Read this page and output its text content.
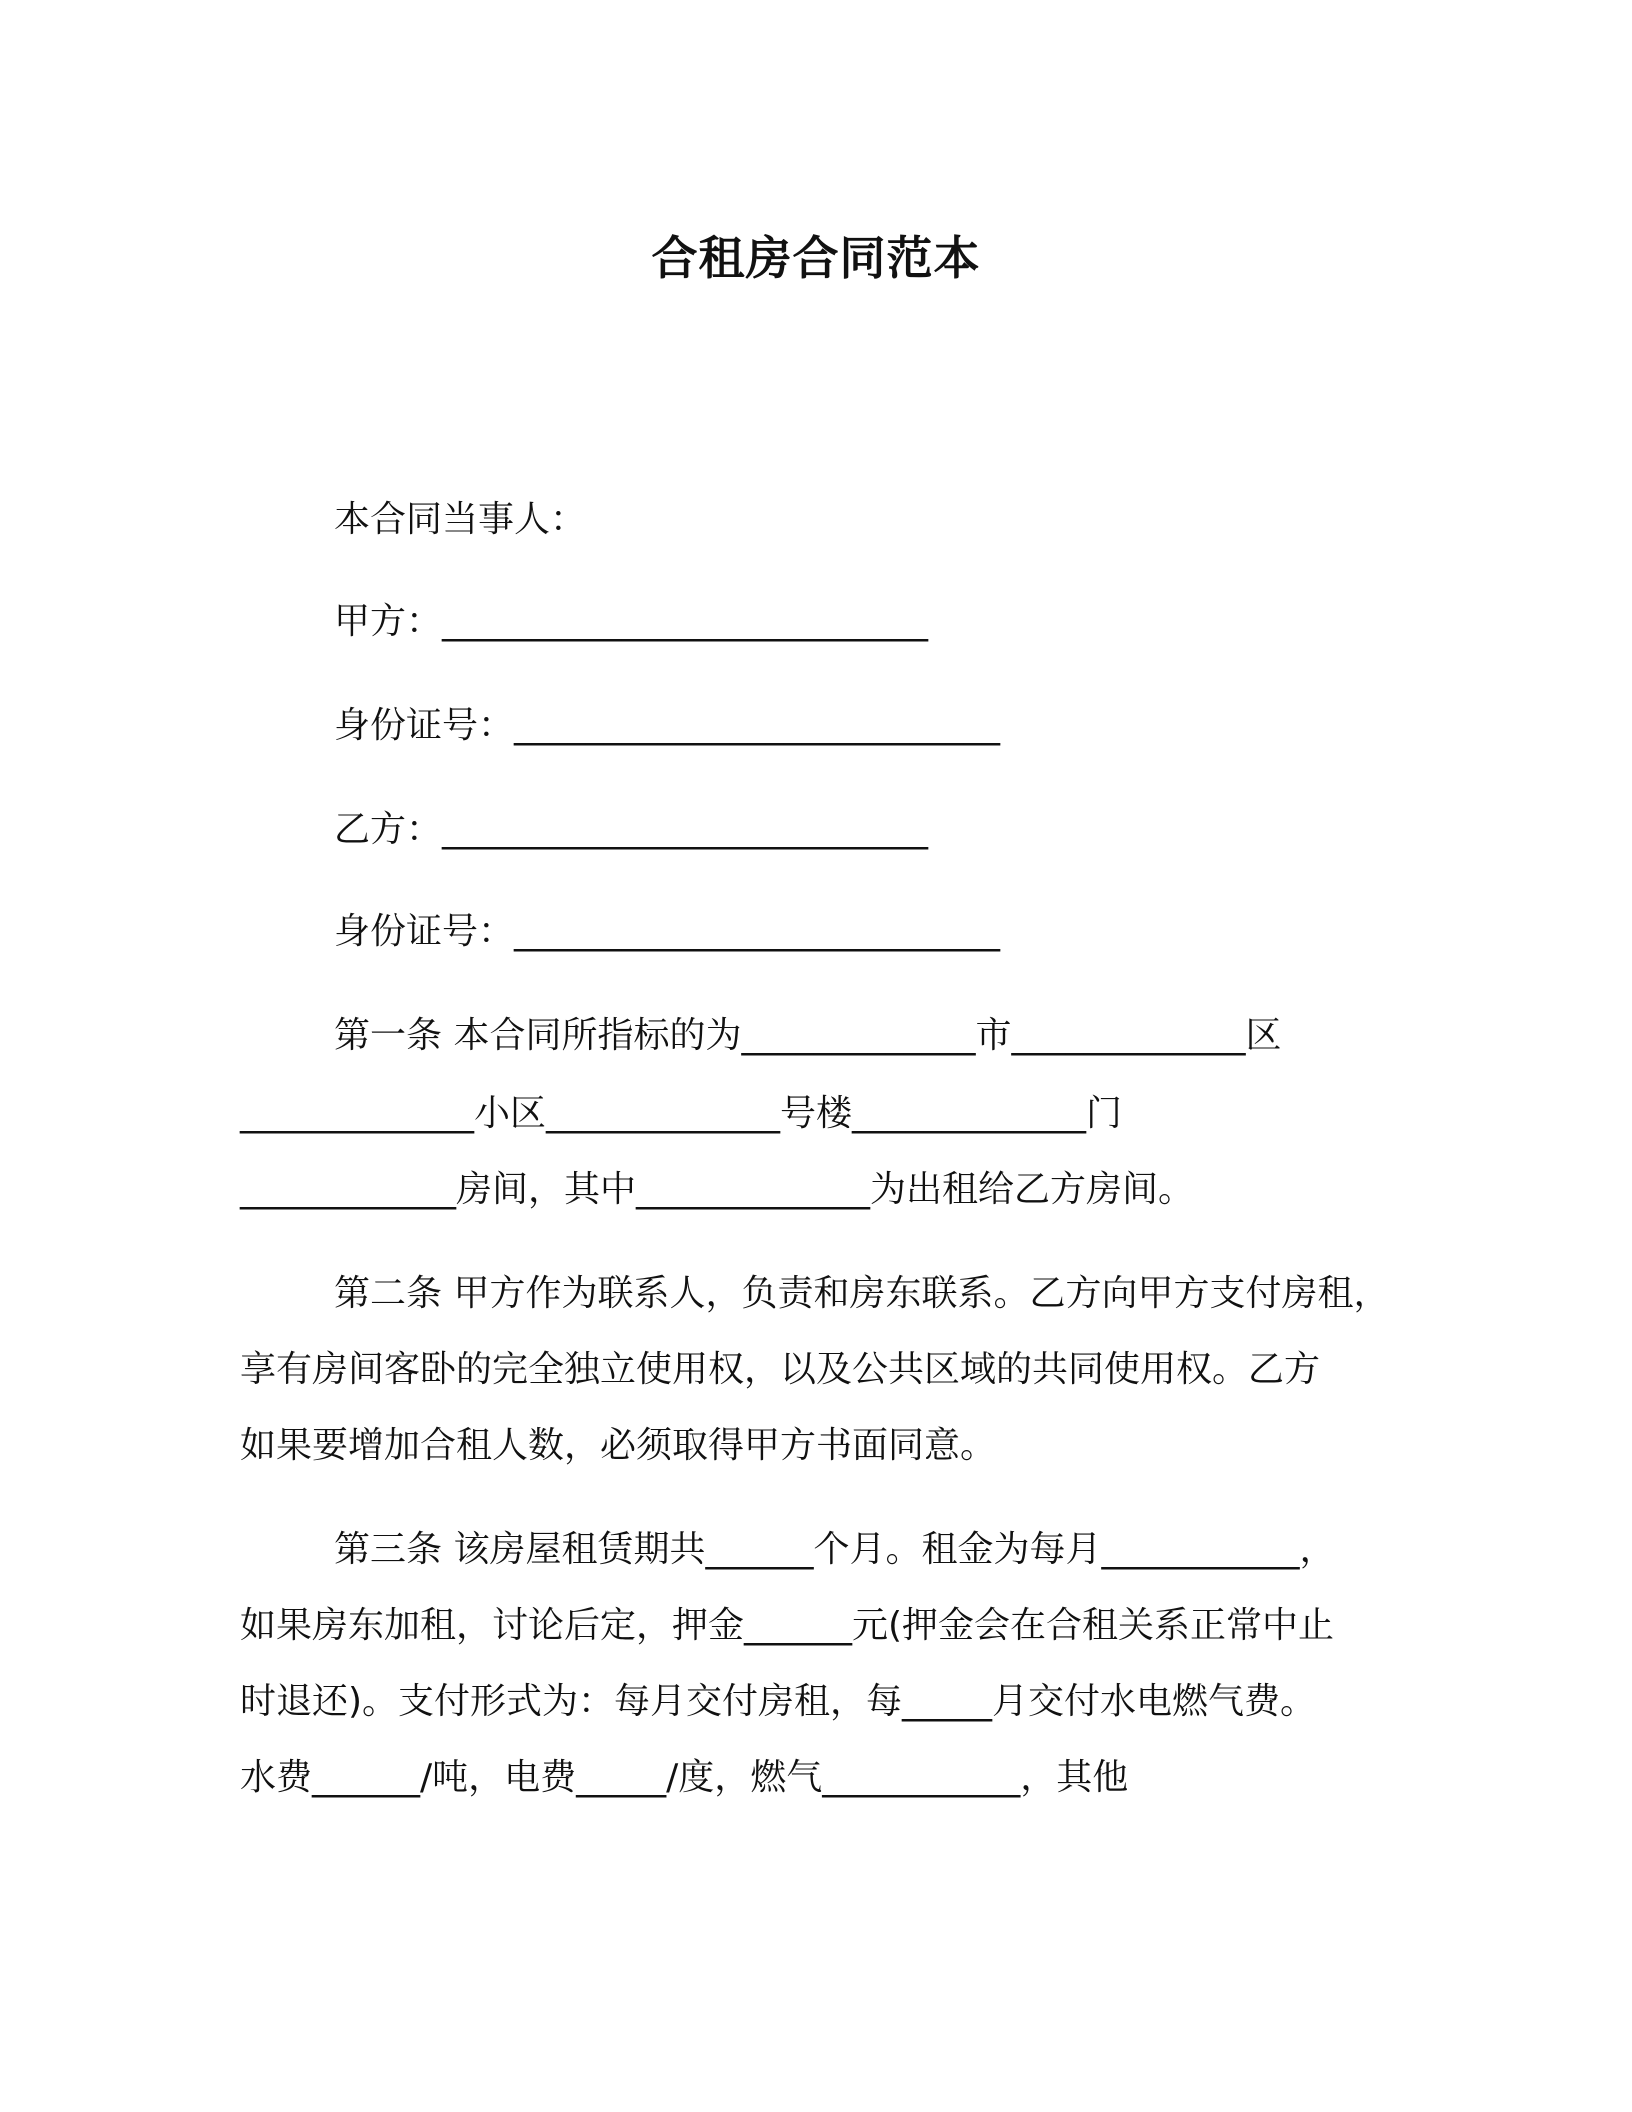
合租房合同范本
本合同当事人：
甲方：___________________________
身份证号：___________________________
乙方：___________________________
身份证号：___________________________
第一条 本合同所指标的为_____________市_____________区
_____________小区_____________号楼_____________门
____________房间，其中_____________为出租给乙方房间。
第二条 甲方作为联系人，负责和房东联系。乙方向甲方支付房租，
享有房间客卧的完全独立使用权，以及公共区域的共同使用权。乙方
如果要增加合租人数，必须取得甲方书面同意。
第三条 该房屋租赁期共______个月。租金为每月___________，
如果房东加租，讨论后定，押金______元(押金会在合租关系正常中止
时退还)。支付形式为：每月交付房租，每_____月交付水电燃气费。
水费______/吨，电费_____/度，燃气___________，其他
